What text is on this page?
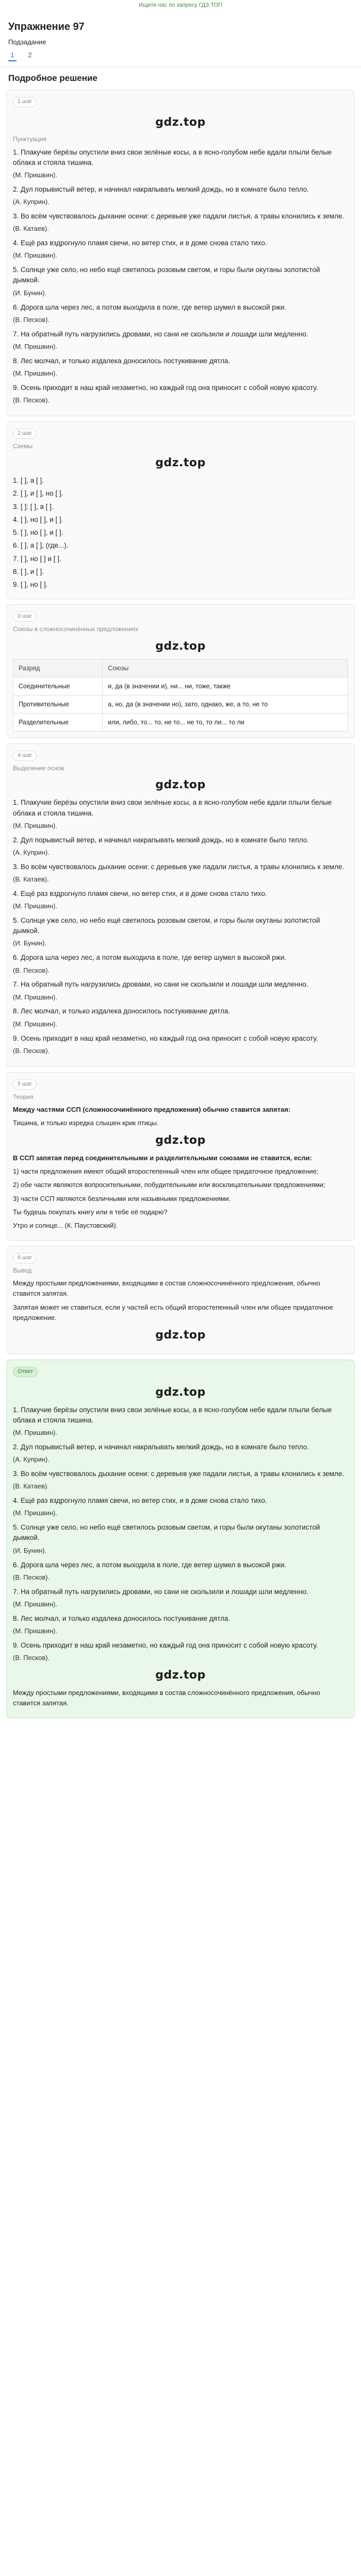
Ищите нас по запросу ГДЗ.ТОП
Упражнение 97
Подзадание
1	2
Подробное решение
1 шаг
gdz.top
Пунктуация
1. Плакучие берёзы опустили вниз свои зелёные косы, а в ясно-голубом небе вдали плыли белые облака и стояла тишина.
(М. Пришвин).
2. Дул порывистый ветер, и начинал накрапывать мелкий дождь, но в комнате было тепло.
(А. Куприн).
3. Во всём чувствовалось дыхание осени: с деревьев уже падали листья, а травы клонились к земле.
(В. Катаев).
4. Ещё раз вздрогнуло пламя свечи, но ветер стих, и в доме снова стало тихо.
(М. Пришвин).
5. Солнце уже село, но небо ещё светилось розовым светом, и горы были окутаны золотистой дымкой.
(И. Бунин).
6. Дорога шла через лес, а потом выходила в поле, где ветер шумел в высокой ржи.
(В. Песков).
7. На обратный путь нагрузились дровами, но сани не скользили и лошади шли медленно.
(М. Пришвин).
8. Лес молчал, и только издалека доносилось постукивание дятла.
(М. Пришвин).
9. Осень приходит в наш край незаметно, но каждый год она приносит с собой новую красоту.
(В. Песков).
2 шаг
Схемы
gdz.top
1. [ ], а [ ].
2. [ ], и [ ], но [ ].
3. [ ]: [ ], а [ ].
4. [ ], но [ ], и [ ].
5. [ ], но [ ], и [ ].
6. [ ], а [ ], (где...).
7. [ ], но [ ] и [ ].
8. [ ], и [ ].
9. [ ], но [ ].
3 шаг
Союзы в сложносочинённых предложениях
gdz.top
Разряд	Союзы
Соединительные	и, да (в значении и), ни... ни, тоже, также
Противительные	а, но, да (в значении но), зато, однако, же, а то, не то
Разделительные	или, либо, то... то, не то... не то, то ли... то ли
4 шаг
Выделение основ
gdz.top
1. Плакучие берёзы опустили вниз свои зелёные косы, а в ясно-голубом небе вдали плыли белые облака и стояла тишина.
(М. Пришвин).
2. Дул порывистый ветер, и начинал накрапывать мелкий дождь, но в комнате было тепло.
(А. Куприн).
3. Во всём чувствовалось дыхание осени: с деревьев уже падали листья, а травы клонились к земле.
(В. Катаев).
4. Ещё раз вздрогнуло пламя свечи, но ветер стих, и в доме снова стало тихо.
(М. Пришвин).
5. Солнце уже село, но небо ещё светилось розовым светом, и горы были окутаны золотистой дымкой.
(И. Бунин).
6. Дорога шла через лес, а потом выходила в поле, где ветер шумел в высокой ржи.
(В. Песков).
7. На обратный путь нагрузились дровами, но сани не скользили и лошади шли медленно.
(М. Пришвин).
8. Лес молчал, и только издалека доносилось постукивание дятла.
(М. Пришвин).
9. Осень приходит в наш край незаметно, но каждый год она приносит с собой новую красоту.
(В. Песков).
5 шаг
Теория
Между частями ССП (сложносочинённого предложения) обычно ставится запятая:
Тишина, и только изредка слышен крик птицы.
gdz.top
В ССП запятая перед соединительными и разделительными союзами не ставится, если:
1) части предложения имеют общий второстепенный член или общее придаточное предложение;
2) обе части являются вопросительными, побудительными или восклицательными предложениями;
3) части ССП являются безличными или назывными предложениями.
Ты будешь покупать книгу или я тебе её подарю?
Утро и солнце... (К. Паустовский).
6 шаг
Вывод
Между простыми предложениями, входящими в состав сложносочинённого предложения, обычно ставится запятая.
Запятая может не ставиться, если у частей есть общий второстепенный член или общее придаточное предложение.
gdz.top
Ответ
gdz.top
1. Плакучие берёзы опустили вниз свои зелёные косы, а в ясно-голубом небе вдали плыли белые облака и стояла тишина.
(М. Пришвин).
2. Дул порывистый ветер, и начинал накрапывать мелкий дождь, но в комнате было тепло.
(А. Куприн).
3. Во всём чувствовалось дыхание осени: с деревьев уже падали листья, а травы клонились к земле.
(В. Катаев).
4. Ещё раз вздрогнуло пламя свечи, но ветер стих, и в доме снова стало тихо.
(М. Пришвин).
5. Солнце уже село, но небо ещё светилось розовым светом, и горы были окутаны золотистой дымкой.
(И. Бунин).
6. Дорога шла через лес, а потом выходила в поле, где ветер шумел в высокой ржи.
(В. Песков).
7. На обратный путь нагрузились дровами, но сани не скользили и лошади шли медленно.
(М. Пришвин).
8. Лес молчал, и только издалека доносилось постукивание дятла.
(М. Пришвин).
9. Осень приходит в наш край незаметно, но каждый год она приносит с собой новую красоту.
(В. Песков).
gdz.top
Между простыми предложениями, входящими в состав сложносочинённого предложения, обычно ставится запятая.
